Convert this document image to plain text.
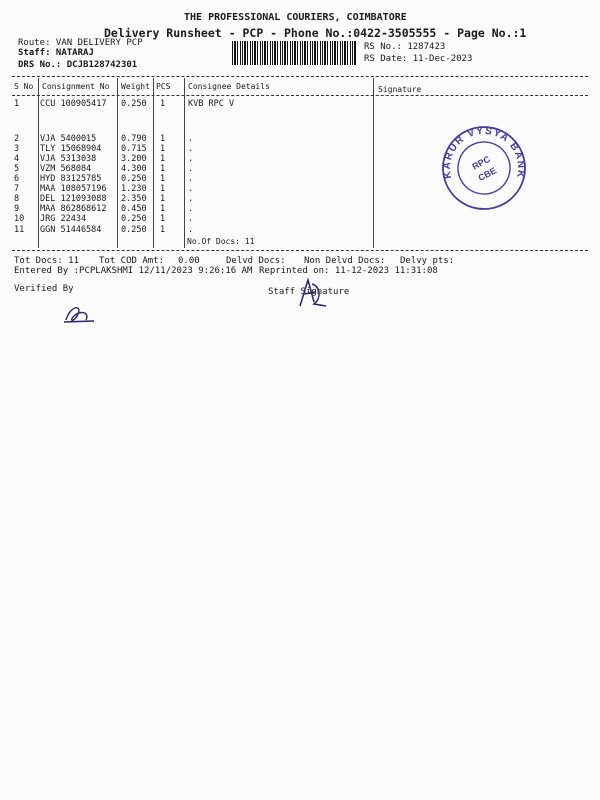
THE PROFESSIONAL COURIERS, COIMBATORE
Delivery Runsheet - PCP - Phone No.:0422-3505555 - Page No.:1
Route: VAN DELIVERY PCP
Staff: NATARAJ
DRS No.: DCJB128742301
RS No.: 1287423
RS Date: 11-Dec-2023
S No Consignment No Weight PCS Consignee Details	Signature
1 CCU 100905417 0.250 1	KVB RPC V
2 VJA 5400015	0.790 1	.
3 TLY 15068904 0.715 1	.
4 VJA 5313038	3.200 1	.
5 VZM 568084	4.300 1	.
6 HYD 83125785 0.250 1	.
7 MAA 108057196 1.230 1	.
8 DEL 121093088 2.350 1	.
9 MAA 862868612 0.450 1	.
10 JRG 22434	0.250 1	.
11 GGN 51446584 0.250 1	.
No.Of Docs: 11
Tot Docs: 11 Tot COD Amt: 0.00	Delvd Docs: Non Delvd Docs: Delvy pts:
Entered By :PCPLAKSHMI 12/11/2023 9:26:16 AM Reprinted on: 11-12-2023 11:31:08
Verified By	Staff Signature
KARUR VYSYA BANK
RPC
CBE
